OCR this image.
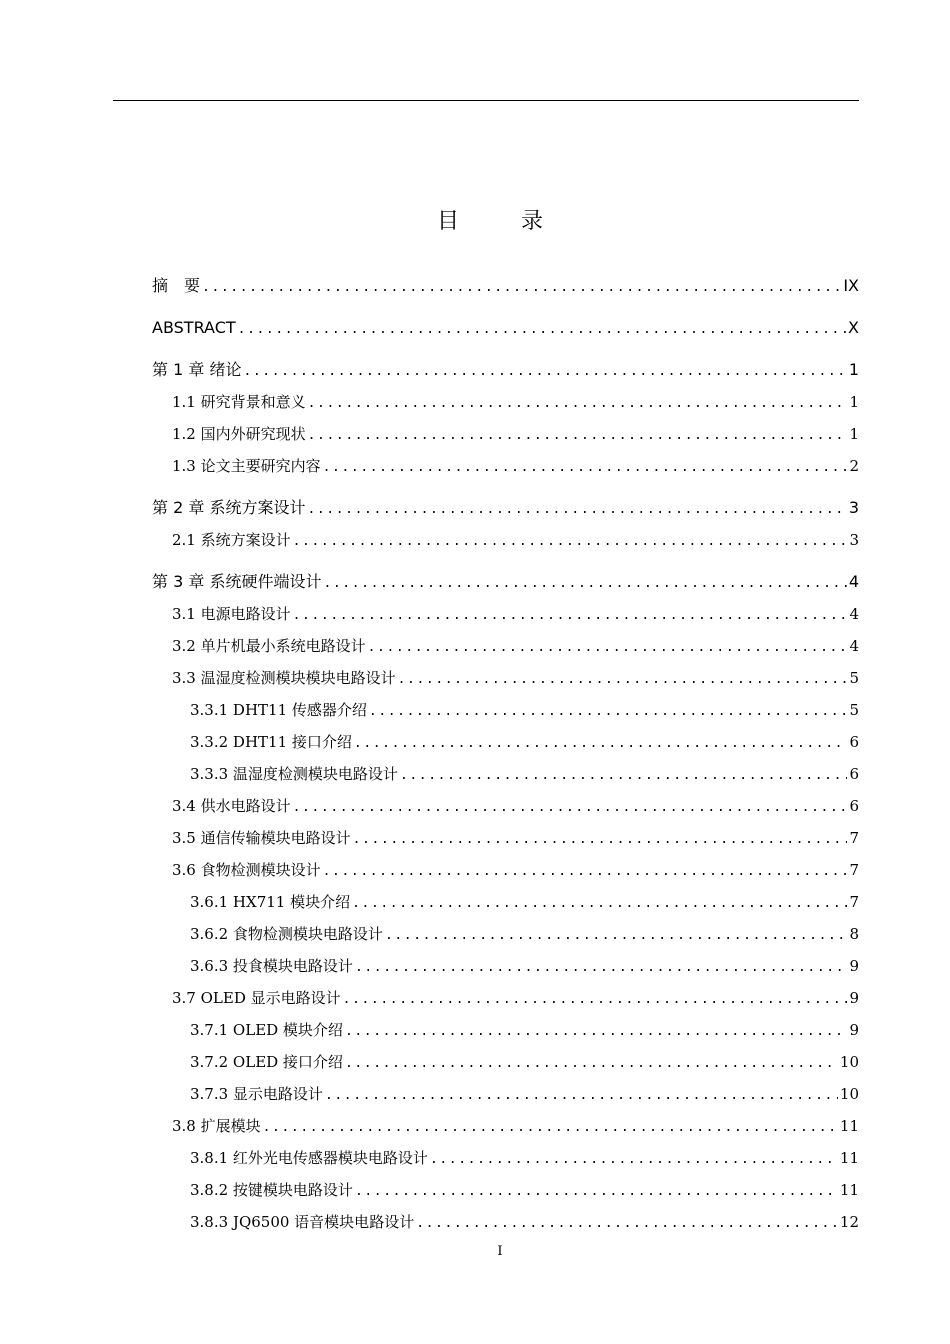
目　录
摘　要 .....	IX
ABSTRACT .....	X
第 1 章 绪论 .....	1
1.1 研究背景和意义 .....	1
1.2 国内外研究现状 .....	1
1.3 论文主要研究内容 .....	2
第 2 章 系统方案设计 .....	3
2.1 系统方案设计 .....	3
第 3 章 系统硬件端设计 .....	4
3.1 电源电路设计 .....	4
3.2 单片机最小系统电路设计 .....	4
3.3 温湿度检测模块模块电路设计 .....	5
3.3.1 DHT11 传感器介绍 .....	5
3.3.2 DHT11 接口介绍 .....	6
3.3.3 温湿度检测模块电路设计 .....	6
3.4 供水电路设计 .....	6
3.5 通信传输模块电路设计 .....	7
3.6 食物检测模块设计 .....	7
3.6.1 HX711 模块介绍 .....	7
3.6.2 食物检测模块电路设计 .....	8
3.6.3 投食模块电路设计 .....	9
3.7 OLED 显示电路设计 .....	9
3.7.1 OLED 模块介绍 .....	9
3.7.2 OLED 接口介绍 .....	10
3.7.3 显示电路设计 .....	10
3.8 扩展模块 .....	11
3.8.1 红外光电传感器模块电路设计 .....	11
3.8.2 按键模块电路设计 .....	11
3.8.3 JQ6500 语音模块电路设计 .....	12
I
